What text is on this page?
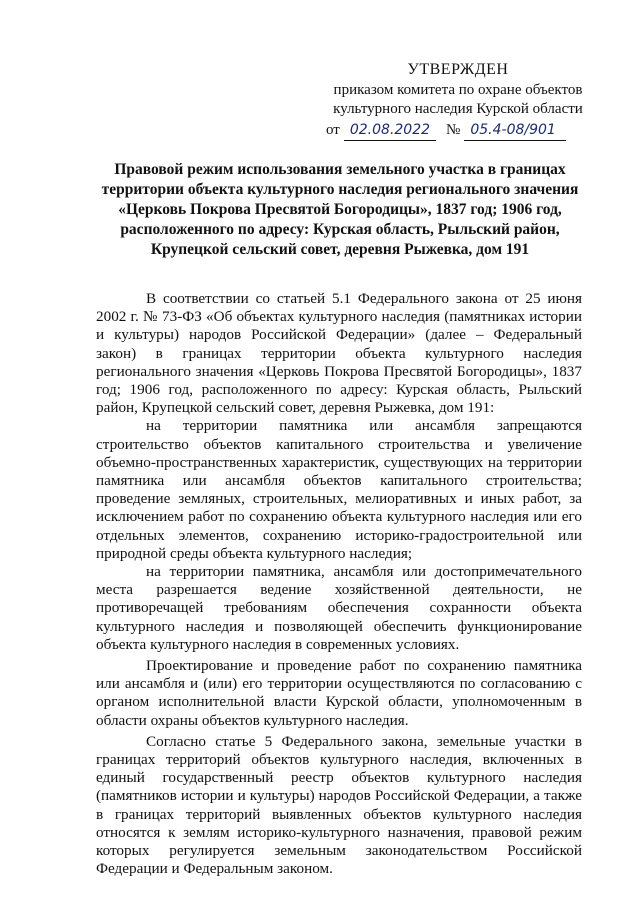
УТВЕРЖДЕН
приказом комитета по охране объектов
культурного наследия Курской области
от 02.08.2022	№ 05.4-08/901
Правовой режим использования земельного участка в границах территории объекта культурного наследия регионального значения «Церковь Покрова Пресвятой Богородицы», 1837 год; 1906 год, расположенного по адресу: Курская область, Рыльский район, Крупецкой сельский совет, деревня Рыжевка, дом 191

В соответствии со статьей 5.1 Федерального закона от 25 июня 2002 г. № 73-ФЗ «Об объектах культурного наследия (памятниках истории и культуры) народов Российской Федерации» (далее – Федеральный закон) в границах территории объекта культурного наследия регионального значения «Церковь Покрова Пресвятой Богородицы», 1837 год; 1906 год, расположенного по адресу: Курская область, Рыльский район, Крупецкой сельский совет, деревня Рыжевка, дом 191:

на территории памятника или ансамбля запрещаются строительство объектов капитального строительства и увеличение объемно-пространственных характеристик, существующих на территории памятника или ансамбля объектов капитального строительства; проведение земляных, строительных, мелиоративных и иных работ, за исключением работ по сохранению объекта культурного наследия или его отдельных элементов, сохранению историко-градостроительной или природной среды объекта культурного наследия;

на территории памятника, ансамбля или достопримечательного места разрешается ведение хозяйственной деятельности, не противоречащей требованиям обеспечения сохранности объекта культурного наследия и позволяющей обеспечить функционирование объекта культурного наследия в современных условиях.

Проектирование и проведение работ по сохранению памятника или ансамбля и (или) его территории осуществляются по согласованию с органом исполнительной власти Курской области, уполномоченным в области охраны объектов культурного наследия.

Согласно статье 5 Федерального закона, земельные участки в границах территорий объектов культурного наследия, включенных в единый государственный реестр объектов культурного наследия (памятников истории и культуры) народов Российской Федерации, а также в границах территорий выявленных объектов культурного наследия относятся к землям историко-культурного назначения, правовой режим которых регулируется земельным законодательством Российской Федерации и Федеральным законом.
